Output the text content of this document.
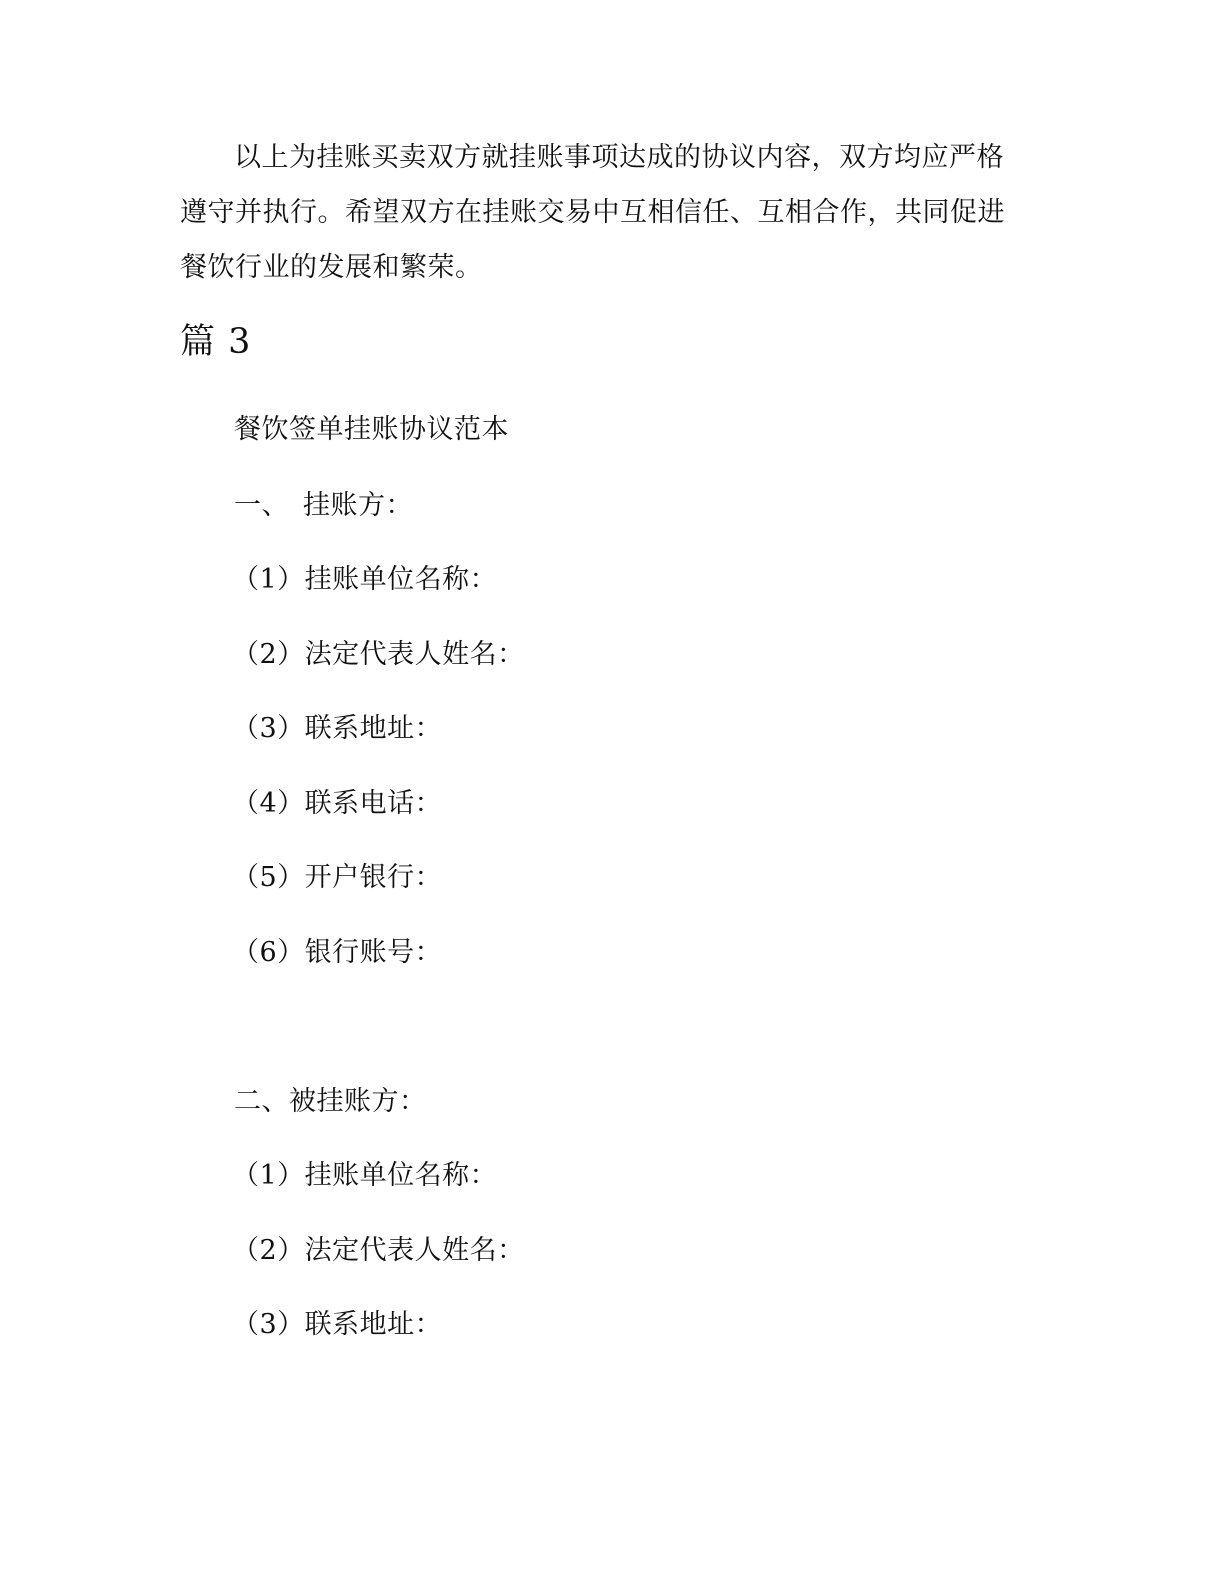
以上为挂账买卖双方就挂账事项达成的协议内容，双方均应严格

遵守并执行。希望双方在挂账交易中互相信任、互相合作，共同促进

餐饮行业的发展和繁荣。

篇 3
餐饮签单挂账协议范本
一、　挂账方：
（1）挂账单位名称：
（2）法定代表人姓名：
（3）联系地址：
（4）联系电话：
（5）开户银行：
（6）银行账号：
二、被挂账方：
（1）挂账单位名称：
（2）法定代表人姓名：
（3）联系地址：
